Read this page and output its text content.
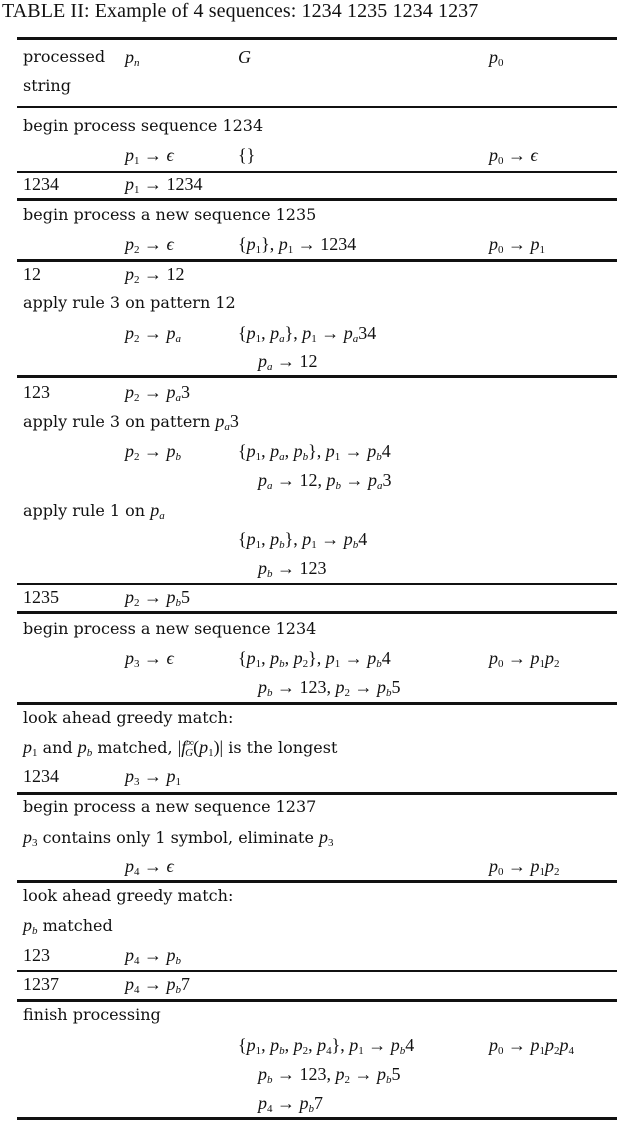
TABLE II: Example of 4 sequences: 1234 1235 1234 1237
processed $p_n$	G	$p_0$
string
begin process sequence 1234
$p_1 \to \epsilon$	{}	$p_0 \to \epsilon$
1234	$p_1 \to 1234$
begin process a new sequence 1235
$p_2 \to \epsilon$	$\{p_1\}$, $p_1 \to 1234$	$p_0 \to p_1$
12	$p_2 \to 12$
apply rule 3 on pattern 12
$p_2 \to p_a$	{$p_1$, $p_a$}, $p_1 \to p_a34$
$p_a \to 12$
123	$p_2 \to p_a3$
apply rule 3 on pattern $p_a3$
$p_2 \to p_b$	{$p_1$, $p_a$, $p_b$}, $p_1 \to p_b4$
$p_a \to 12$, $p_b \to p_a3$
apply rule 1 on $p_a$
{$p_1$, $p_b$}, $p_1 \to p_b4$
$p_b \to 123$
1235	$p_2 \to p_b5$
begin process a new sequence 1234
$p_3 \to \epsilon$	{$p_1$, $p_b$, $p_2$}, $p_1 \to p_b4$	$p_0 \to p_1p_2$
$p_b \to 123$, $p_2 \to p_b5$
look ahead greedy match:
$p_1$ and $p_b$ matched, $|f^\infty_G(p_1)|$ is the longest
1234	$p_3 \to p_1$
begin process a new sequence 1237
$p_3$ contains only 1 symbol, eliminate $p_3$
$p_4 \to \epsilon$	$p_0 \to p_1p_2$
look ahead greedy match:
$p_b$ matched
123	$p_4 \to p_b$
1237	$p_4 \to p_b7$
finish processing
{$p_1$, $p_b$, $p_2$, $p_4$}, $p_1 \to p_b4$	$p_0 \to p_1p_2p_4$
$p_b \to 123$, $p_2 \to p_b5$
$p_4 \to p_b7$
